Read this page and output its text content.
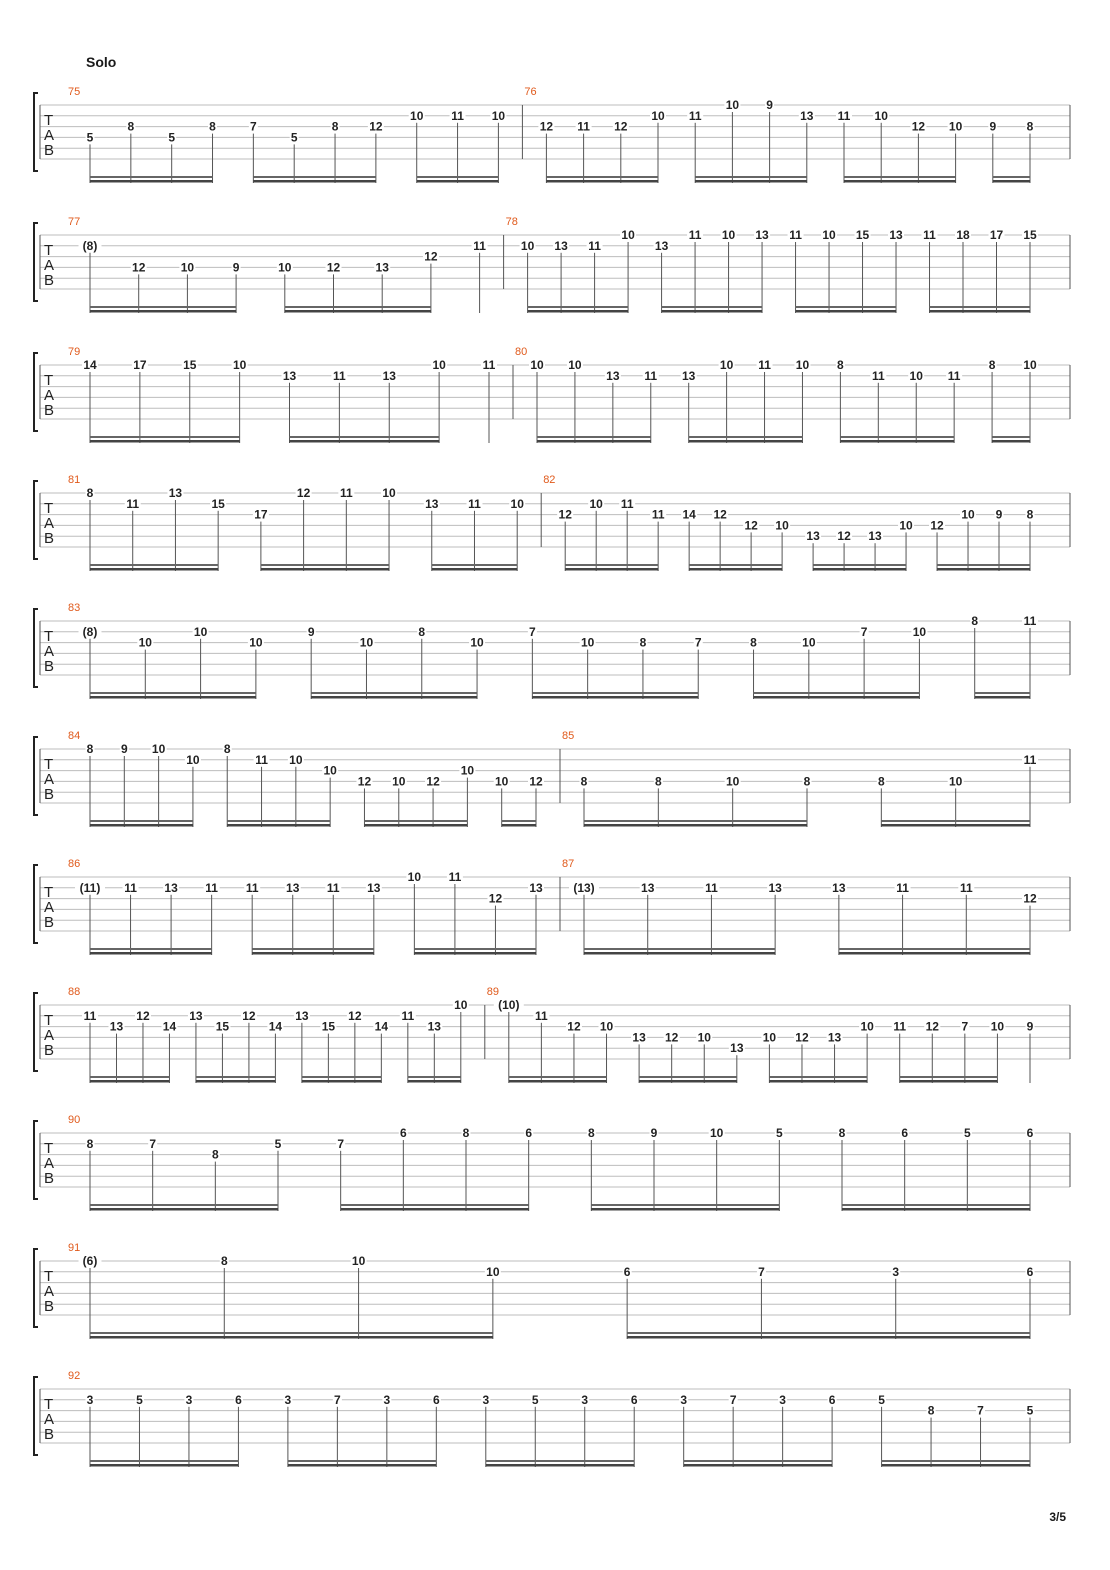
Solo
T
A
B
75
5
8
5
8	7
5
8	12
10 11 10
76
12 11 12
10 11
10 9
13 11 10
12 10 9	8
T
A
B
77
(8)
12	10	9	10	12	13
12
11
78
10 13 11
10
13
11 10 13 11 10 15 13 11 18 17 15
T
A
B
79
14	17	15	10
13	11	13
10	11
80
10 10
13 11 13
10 11 10 8
11 10 11
8 10
T
A
B
81
8
11
13
15
17
12 11 10
13 11 10
82
12
10 11
11 14 12
12 10
13 12 13
10 12
10 9 8
T
A
B
83
(8)
10
10
10
9
10
8
10
7
10	8	7	8	10
7	10
8	11
T
A
B
84
8 9 10
10
8
11 10
10
12 10 12
10
10 12
85
8	8	10	8	8	10
11
T
A
B
86
(11) 11 13 11 11 13 11 13
10 11
12
13
87
(13)	13	11	13	13	11	11
12
T
A
B
88
11
13
12
14
13
15
12
14
13
15
12
14
11
13
10
89
(10)
11
12 10
13 12 10
13
10 12 13
10 11 12 7 10 9
T
A
B
90
8	7
8
5	7
6	8	6	8	9	10	5	8	6	5	6
T
A
B
91
(6)	8	10
10	6	7	3	6
T
A
B
92
3	5	3	6	3	7	3	6	3	5	3	6	3	7	3	6	5
8	7	5
3/5
